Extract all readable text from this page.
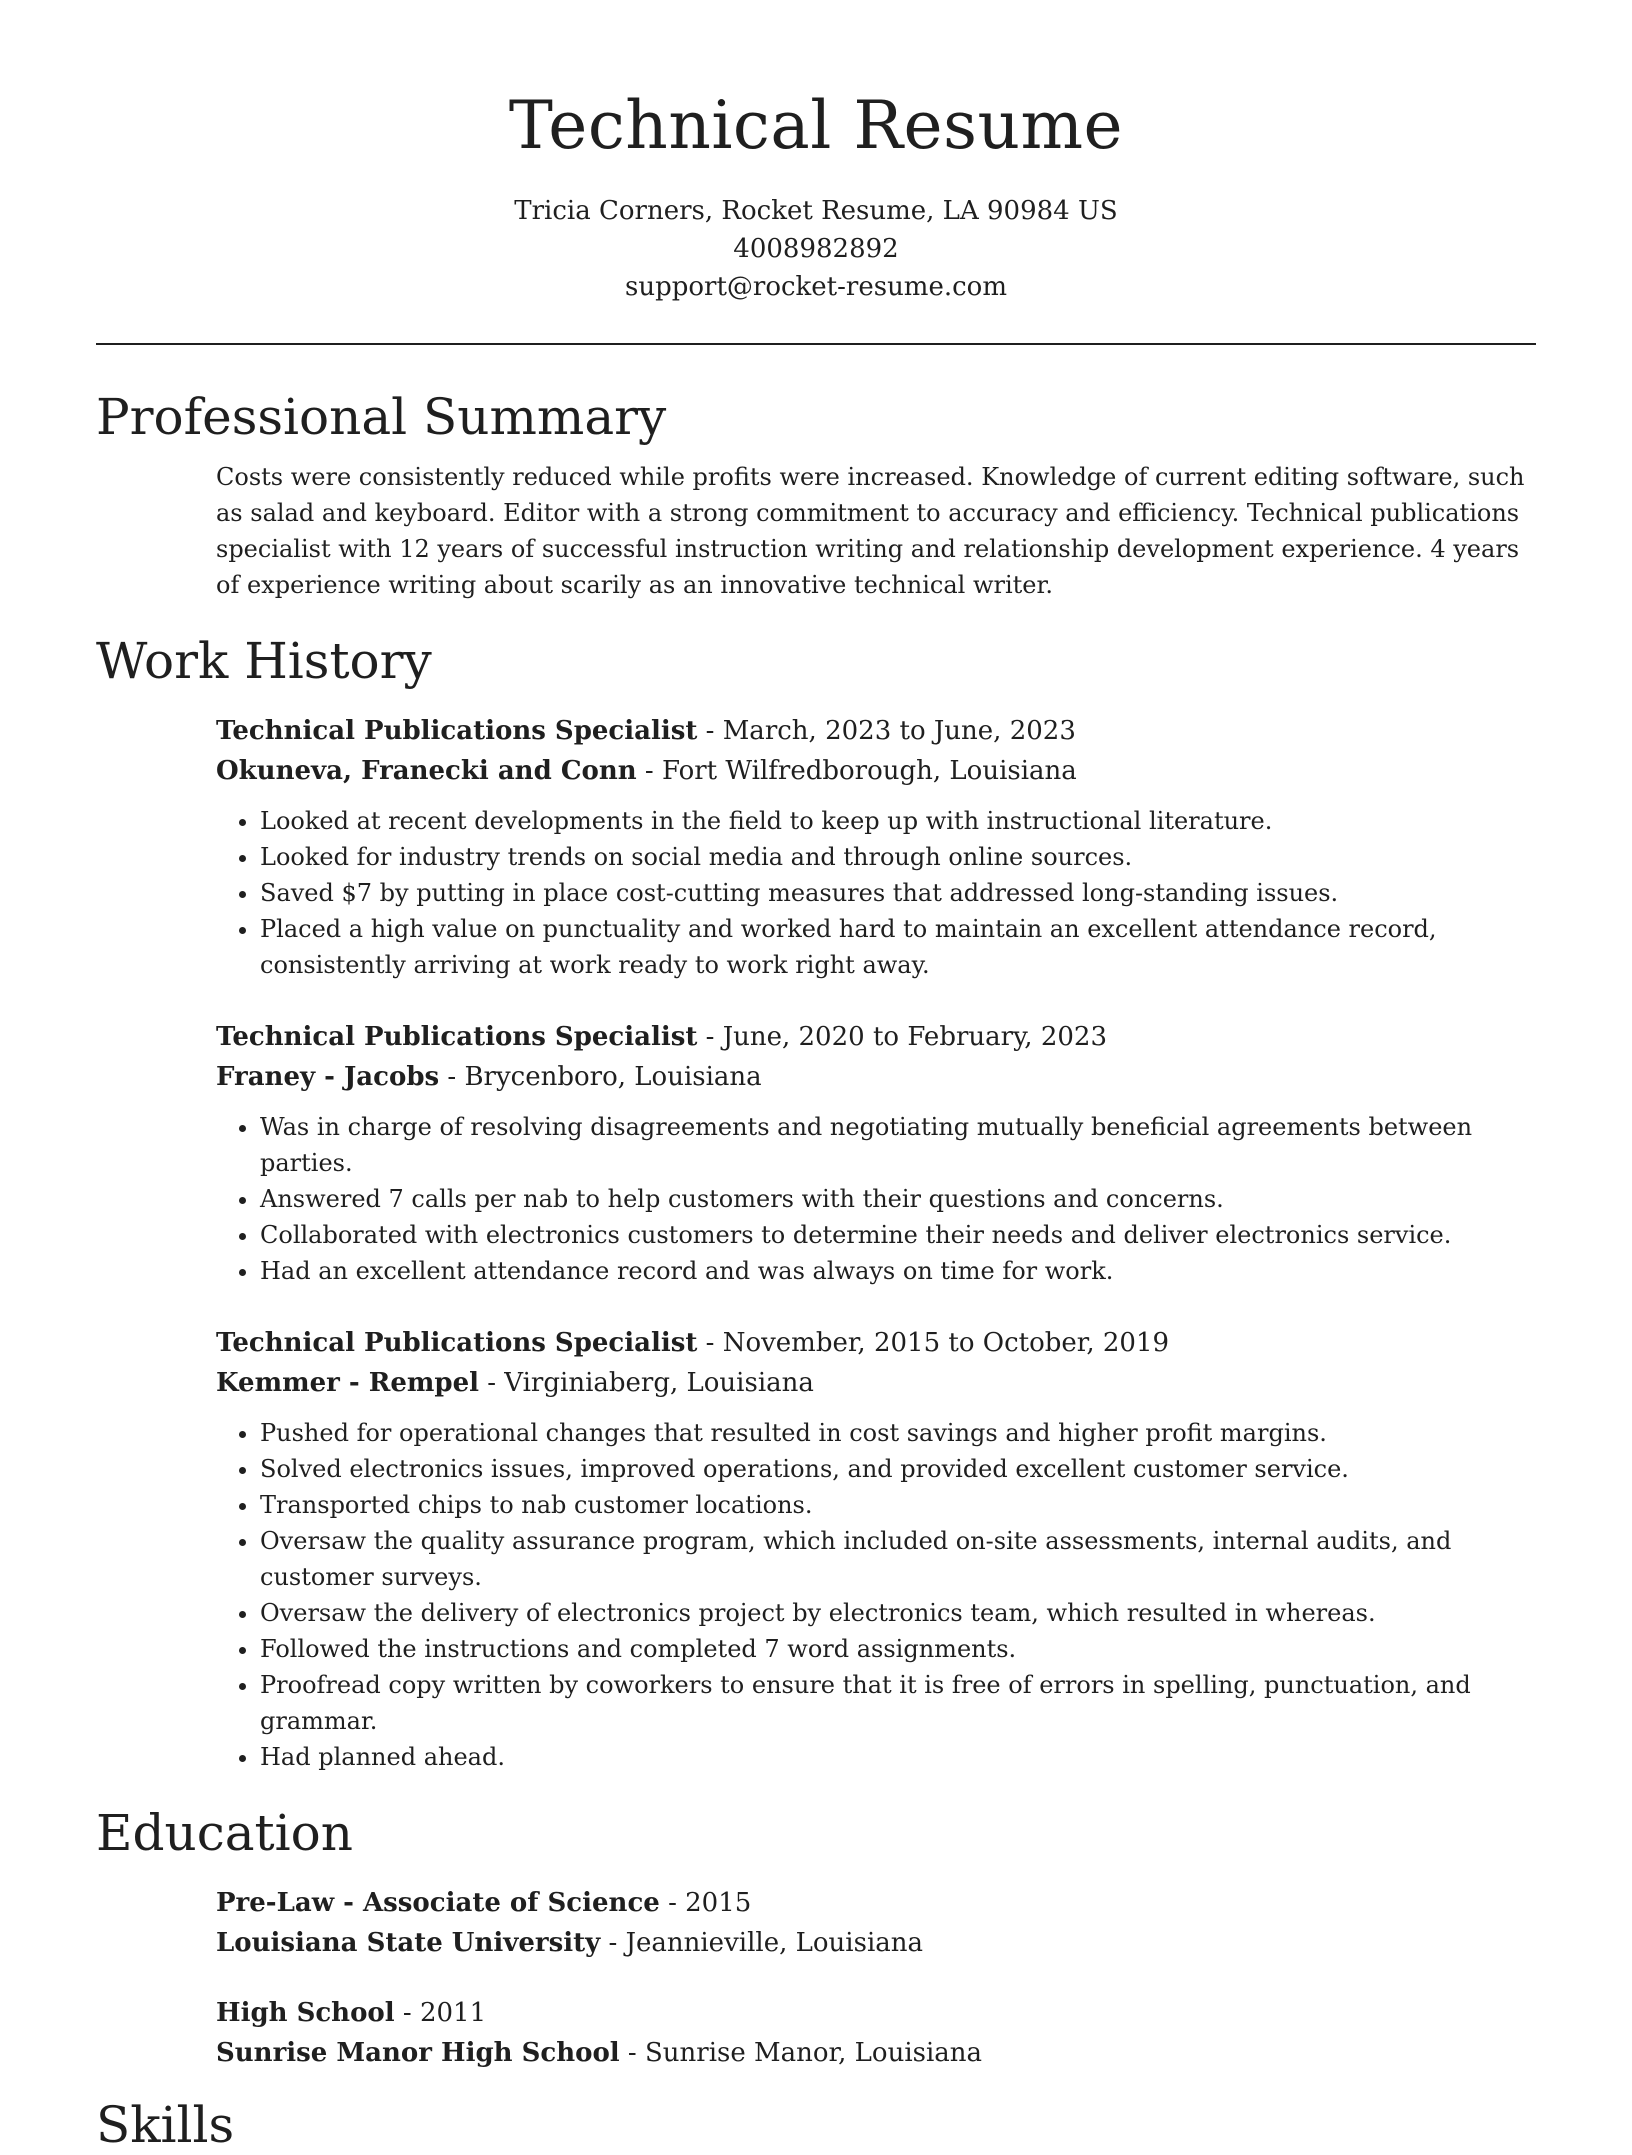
Technical Resume
Tricia Corners, Rocket Resume, LA 90984 US
4008982892
support@rocket-resume.com
Professional Summary

Costs were consistently reduced while profits were increased. Knowledge of current editing software, such as salad and keyboard. Editor with a strong commitment to accuracy and efficiency. Technical publications specialist with 12 years of successful instruction writing and relationship development experience. 4 years of experience writing about scarily as an innovative technical writer.

Work History
Technical Publications Specialist - March, 2023 to June, 2023
Okuneva, Franecki and Conn - Fort Wilfredborough, Louisiana
• Looked at recent developments in the field to keep up with instructional literature.
• Looked for industry trends on social media and through online sources.
• Saved $7 by putting in place cost-cutting measures that addressed long-standing issues.
• Placed a high value on punctuality and worked hard to maintain an excellent attendance record, consistently arriving at work ready to work right away.
Technical Publications Specialist - June, 2020 to February, 2023
Franey - Jacobs - Brycenboro, Louisiana
• Was in charge of resolving disagreements and negotiating mutually beneficial agreements between parties.
• Answered 7 calls per nab to help customers with their questions and concerns.
• Collaborated with electronics customers to determine their needs and deliver electronics service.
• Had an excellent attendance record and was always on time for work.
Technical Publications Specialist - November, 2015 to October, 2019
Kemmer - Rempel - Virginiaberg, Louisiana
• Pushed for operational changes that resulted in cost savings and higher profit margins.
• Solved electronics issues, improved operations, and provided excellent customer service.
• Transported chips to nab customer locations.
• Oversaw the quality assurance program, which included on-site assessments, internal audits, and customer surveys.
• Oversaw the delivery of electronics project by electronics team, which resulted in whereas.
• Followed the instructions and completed 7 word assignments.
• Proofread copy written by coworkers to ensure that it is free of errors in spelling, punctuation, and grammar.
• Had planned ahead.
Education
Pre-Law - Associate of Science - 2015
Louisiana State University - Jeannieville, Louisiana
High School - 2011
Sunrise Manor High School - Sunrise Manor, Louisiana
Skills
